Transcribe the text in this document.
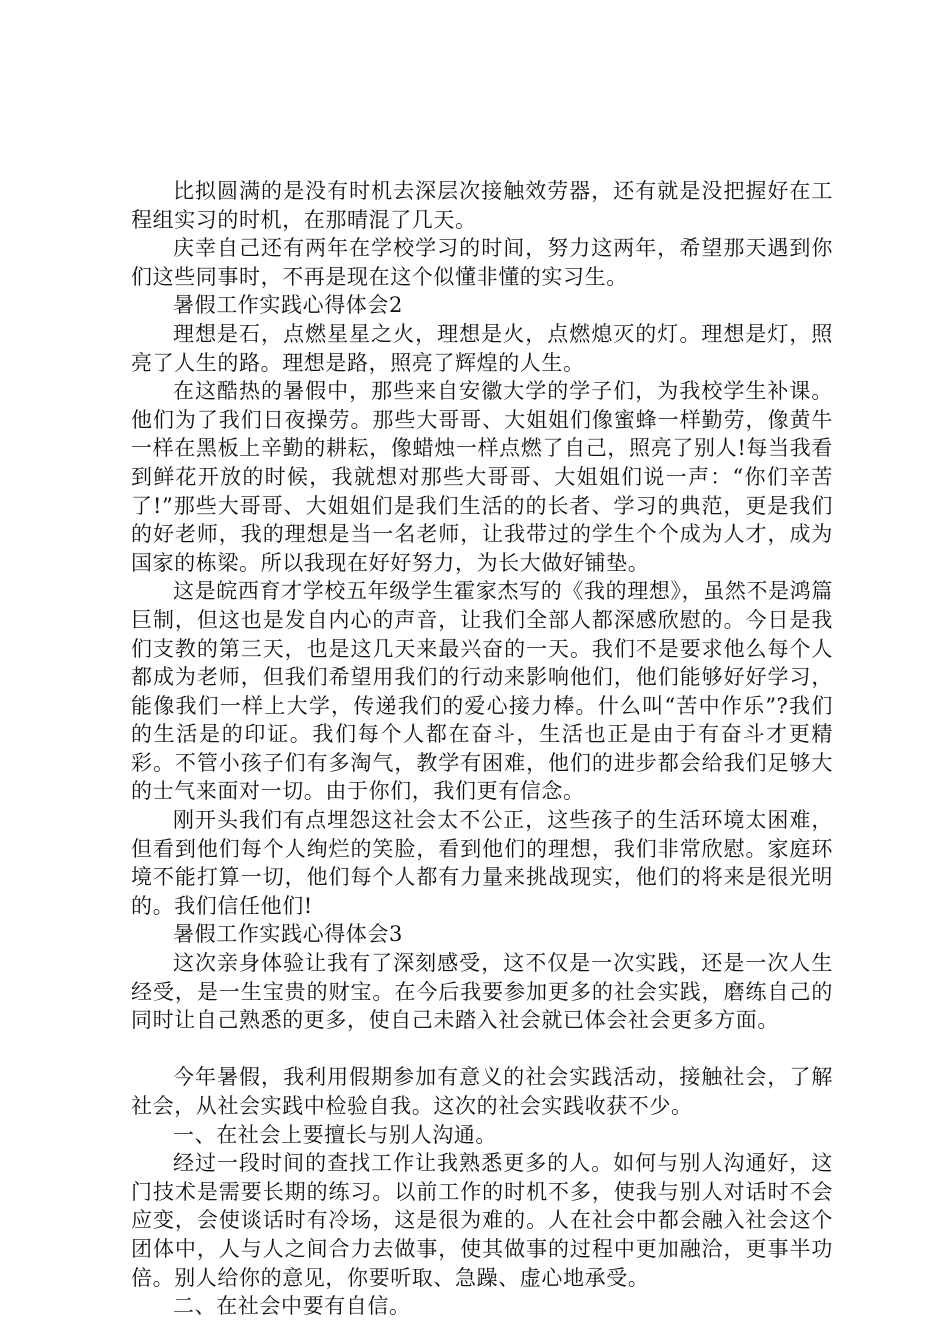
比拟圆满的是没有时机去深层次接触效劳器，还有就是没把握好在工程组实习的时机，在那晴混了几天。

庆幸自己还有两年在学校学习的时间，努力这两年，希望那天遇到你们这些同事时，不再是现在这个似懂非懂的实习生。

暑假工作实践心得体会2

理想是石，点燃星星之火，理想是火，点燃熄灭的灯。理想是灯，照亮了人生的路。理想是路，照亮了辉煌的人生。

在这酷热的暑假中，那些来自安徽大学的学子们，为我校学生补课。他们为了我们日夜操劳。那些大哥哥、大姐姐们像蜜蜂一样勤劳，像黄牛一样在黑板上辛勤的耕耘，像蜡烛一样点燃了自己，照亮了别人!每当我看到鲜花开放的时候，我就想对那些大哥哥、大姐姐们说一声：“你们辛苦了!”那些大哥哥、大姐姐们是我们生活的的长者、学习的典范，更是我们的好老师，我的理想是当一名老师，让我带过的学生个个成为人才，成为国家的栋梁。所以我现在好好努力，为长大做好铺垫。

这是皖西育才学校五年级学生霍家杰写的《我的理想》，虽然不是鸿篇巨制，但这也是发自内心的声音，让我们全部人都深感欣慰的。今日是我们支教的第三天，也是这几天来最兴奋的一天。我们不是要求他么每个人都成为老师，但我们希望用我们的行动来影响他们，他们能够好好学习，能像我们一样上大学，传递我们的爱心接力棒。什么叫“苦中作乐”?我们的生活是的印证。我们每个人都在奋斗，生活也正是由于有奋斗才更精彩。不管小孩子们有多淘气，教学有困难，他们的进步都会给我们足够大的士气来面对一切。由于你们，我们更有信念。

刚开头我们有点埋怨这社会太不公正，这些孩子的生活环境太困难，但看到他们每个人绚烂的笑脸，看到他们的理想，我们非常欣慰。家庭环境不能打算一切，他们每个人都有力量来挑战现实，他们的将来是很光明的。我们信任他们!

暑假工作实践心得体会3

这次亲身体验让我有了深刻感受，这不仅是一次实践，还是一次人生经受，是一生宝贵的财宝。在今后我要参加更多的社会实践，磨练自己的同时让自己熟悉的更多，使自己未踏入社会就已体会社会更多方面。

今年暑假，我利用假期参加有意义的社会实践活动，接触社会，了解社会，从社会实践中检验自我。这次的社会实践收获不少。

一、在社会上要擅长与别人沟通。

经过一段时间的查找工作让我熟悉更多的人。如何与别人沟通好，这门技术是需要长期的练习。以前工作的时机不多，使我与别人对话时不会应变，会使谈话时有冷场，这是很为难的。人在社会中都会融入社会这个团体中，人与人之间合力去做事，使其做事的过程中更加融洽，更事半功倍。别人给你的意见，你要听取、急躁、虚心地承受。

二、在社会中要有自信。
